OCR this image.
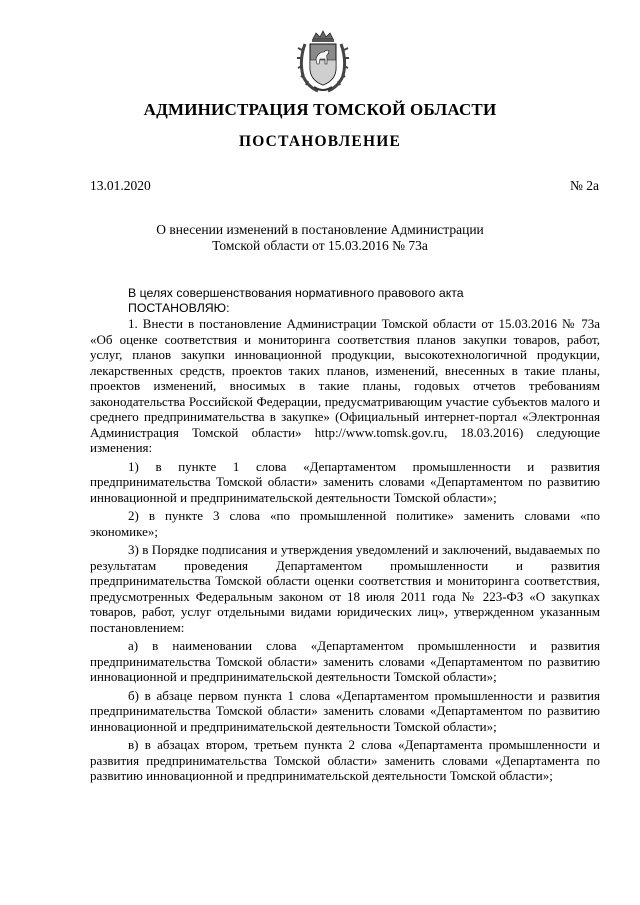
АДМИНИСТРАЦИЯ ТОМСКОЙ ОБЛАСТИ
ПОСТАНОВЛЕНИЕ
13.01.2020	№ 2а
О внесении изменений в постановление Администрации
Томской области от 15.03.2016 № 73а

В целях совершенствования нормативного правового акта

ПОСТАНОВЛЯЮ:

1. Внести в постановление Администрации Томской области от 15.03.2016 № 73а «Об оценке соответствия и мониторинга соответствия планов закупки товаров, работ, услуг, планов закупки инновационной продукции, высокотехнологичной продукции, лекарственных средств, проектов таких планов, изменений, внесенных в такие планы, проектов изменений, вносимых в такие планы, годовых отчетов требованиям законодательства Российской Федерации, предусматривающим участие субъектов малого и среднего предпринимательства в закупке» (Официальный интернет-портал «Электронная Администрация Томской области» http://www.tomsk.gov.ru, 18.03.2016) следующие изменения:

1) в пункте 1 слова «Департаментом промышленности и развития предпринимательства Томской области» заменить словами «Департаментом по развитию инновационной и предпринимательской деятельности Томской области»;

2) в пункте 3 слова «по промышленной политике» заменить словами «по экономике»;

3) в Порядке подписания и утверждения уведомлений и заключений, выдаваемых по результатам проведения Департаментом промышленности и развития предпринимательства Томской области оценки соответствия и мониторинга соответствия, предусмотренных Федеральным законом от 18 июля 2011 года № 223-ФЗ «О закупках товаров, работ, услуг отдельными видами юридических лиц», утвержденном указанным постановлением:

а) в наименовании слова «Департаментом промышленности и развития предпринимательства Томской области» заменить словами «Департаментом по развитию инновационной и предпринимательской деятельности Томской области»;

б) в абзаце первом пункта 1 слова «Департаментом промышленности и развития предпринимательства Томской области» заменить словами «Департаментом по развитию инновационной и предпринимательской деятельности Томской области»;

в) в абзацах втором, третьем пункта 2 слова «Департамента промышленности и развития предпринимательства Томской области» заменить словами «Департамента по развитию инновационной и предпринимательской деятельности Томской области»;
